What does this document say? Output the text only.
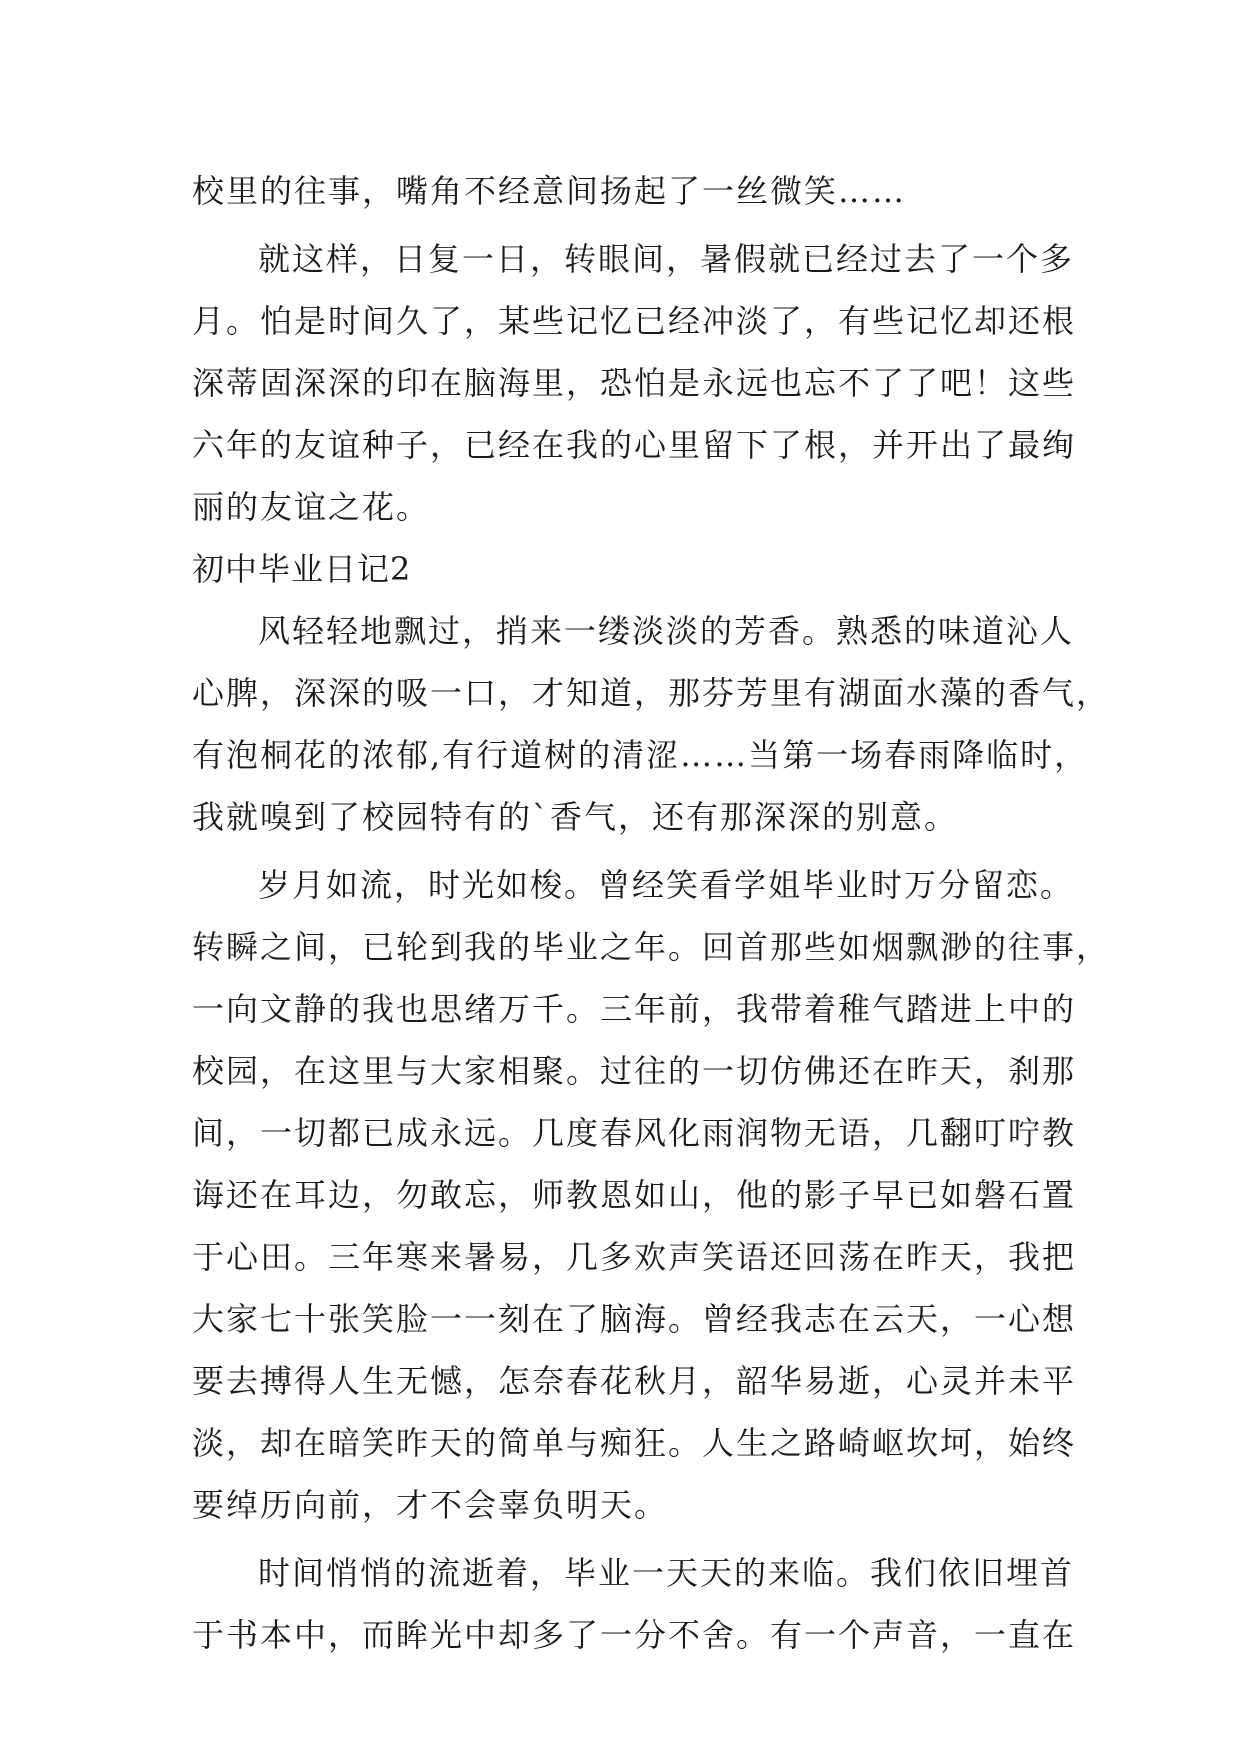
校里的往事，嘴角不经意间扬起了一丝微笑……

就这样，日复一日，转眼间，暑假就已经过去了一个多

月。怕是时间久了，某些记忆已经冲淡了，有些记忆却还根

深蒂固深深的印在脑海里，恐怕是永远也忘不了了吧！这些

六年的友谊种子，已经在我的心里留下了根，并开出了最绚

丽的友谊之花。

初中毕业日记2

风轻轻地飘过，捎来一缕淡淡的芳香。熟悉的味道沁人

心脾，深深的吸一口，才知道，那芬芳里有湖面水藻的香气，

有泡桐花的浓郁,有行道树的清涩……当第一场春雨降临时，

我就嗅到了校园特有的`香气，还有那深深的别意。

岁月如流，时光如梭。曾经笑看学姐毕业时万分留恋。

转瞬之间，已轮到我的毕业之年。回首那些如烟飘渺的往事，

一向文静的我也思绪万千。三年前，我带着稚气踏进上中的

校园，在这里与大家相聚。过往的一切仿佛还在昨天，刹那

间，一切都已成永远。几度春风化雨润物无语，几翻叮咛教

诲还在耳边，勿敢忘，师教恩如山，他的影子早已如磐石置

于心田。三年寒来暑易，几多欢声笑语还回荡在昨天，我把

大家七十张笑脸一一刻在了脑海。曾经我志在云天，一心想

要去搏得人生无憾，怎奈春花秋月，韶华易逝，心灵并未平

淡，却在暗笑昨天的简单与痴狂。人生之路崎岖坎坷，始终

要绰历向前，才不会辜负明天。

时间悄悄的流逝着，毕业一天天的来临。我们依旧埋首

于书本中，而眸光中却多了一分不舍。有一个声音，一直在
